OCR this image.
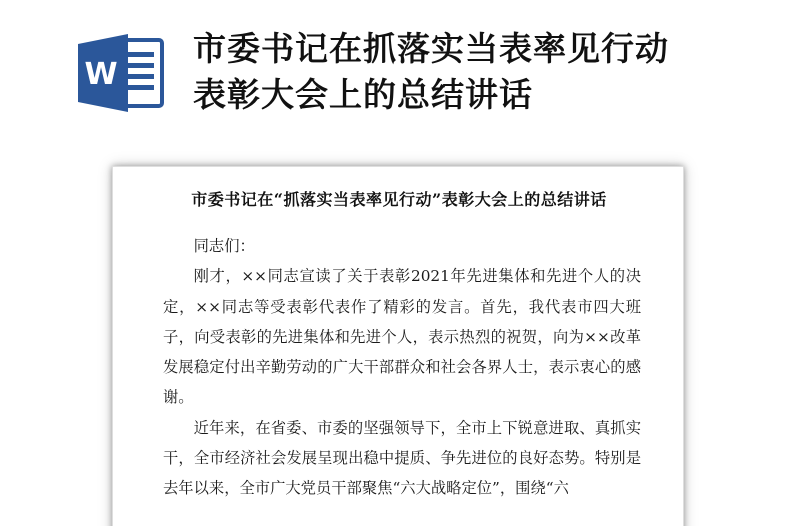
W
市委书记在抓落实当表率见行动
表彰大会上的总结讲话
市委书记在“抓落实当表率见行动”表彰大会上的总结讲话

同志们：

刚才，××同志宣读了关于表彰2021年先进集体和先进个人的决定，××同志等受表彰代表作了精彩的发言。首先，我代表市四大班子，向受表彰的先进集体和先进个人，表示热烈的祝贺，向为××改革发展稳定付出辛勤劳动的广大干部群众和社会各界人士，表示衷心的感谢。

近年来，在省委、市委的坚强领导下，全市上下锐意进取、真抓实干，全市经济社会发展呈现出稳中提质、争先进位的良好态势。特别是去年以来，全市广大党员干部聚焦“六大战略定位”，围绕“六
